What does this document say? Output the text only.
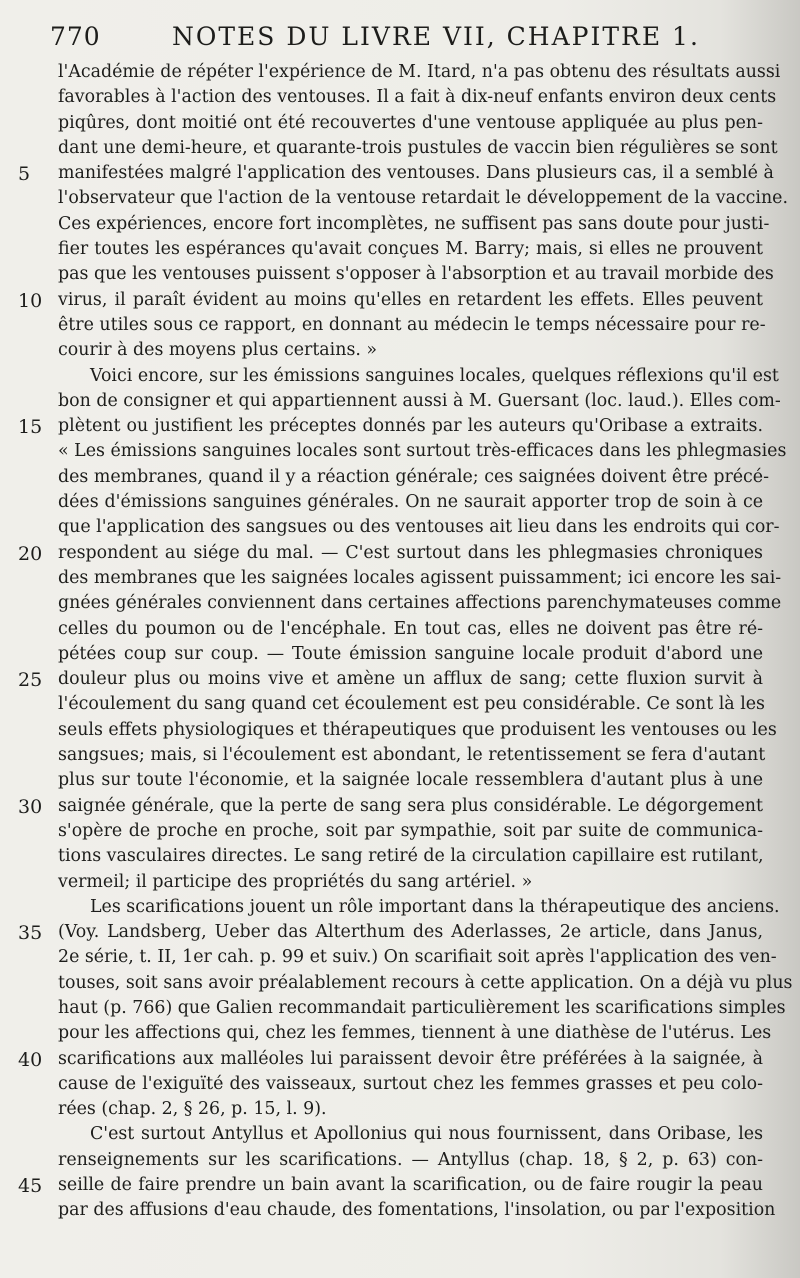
770	NOTES DU LIVRE VII, CHAPITRE 1.
l'Académie de répéter l'expérience de M. Itard, n'a pas obtenu des résultats aussi
favorables à l'action des ventouses. Il a fait à dix-neuf enfants environ deux cents
piqûres, dont moitié ont été recouvertes d'une ventouse appliquée au plus pen-
dant une demi-heure, et quarante-trois pustules de vaccin bien régulières se sont
5	manifestées malgré l'application des ventouses. Dans plusieurs cas, il a semblé à
l'observateur que l'action de la ventouse retardait le développement de la vaccine.
Ces expériences, encore fort incomplètes, ne suffisent pas sans doute pour justi-
fier toutes les espérances qu'avait conçues M. Barry; mais, si elles ne prouvent
pas que les ventouses puissent s'opposer à l'absorption et au travail morbide des
10 virus, il paraît évident au moins qu'elles en retardent les effets. Elles peuvent
être utiles sous ce rapport, en donnant au médecin le temps nécessaire pour re-
courir à des moyens plus certains. »
Voici encore, sur les émissions sanguines locales, quelques réflexions qu'il est
bon de consigner et qui appartiennent aussi à M. Guersant (loc. laud.). Elles com-
15 plètent ou justifient les préceptes donnés par les auteurs qu'Oribase a extraits.
« Les émissions sanguines locales sont surtout très-efficaces dans les phlegmasies
des membranes, quand il y a réaction générale; ces saignées doivent être précé-
dées d'émissions sanguines générales. On ne saurait apporter trop de soin à ce
que l'application des sangsues ou des ventouses ait lieu dans les endroits qui cor-
20 respondent au siége du mal. — C'est surtout dans les phlegmasies chroniques
des membranes que les saignées locales agissent puissamment; ici encore les sai-
gnées générales conviennent dans certaines affections parenchymateuses comme
celles du poumon ou de l'encéphale. En tout cas, elles ne doivent pas être ré-
pétées coup sur coup. — Toute émission sanguine locale produit d'abord une
25 douleur plus ou moins vive et amène un afflux de sang; cette fluxion survit à
l'écoulement du sang quand cet écoulement est peu considérable. Ce sont là les
seuls effets physiologiques et thérapeutiques que produisent les ventouses ou les
sangsues; mais, si l'écoulement est abondant, le retentissement se fera d'autant
plus sur toute l'économie, et la saignée locale ressemblera d'autant plus à une
30 saignée générale, que la perte de sang sera plus considérable. Le dégorgement
s'opère de proche en proche, soit par sympathie, soit par suite de communica-
tions vasculaires directes. Le sang retiré de la circulation capillaire est rutilant,
vermeil; il participe des propriétés du sang artériel. »
Les scarifications jouent un rôle important dans la thérapeutique des anciens.
35 (Voy. Landsberg, Ueber das Alterthum des Aderlasses, 2e article, dans Janus,
2e série, t. II, 1er cah. p. 99 et suiv.) On scarifiait soit après l'application des ven-
touses, soit sans avoir préalablement recours à cette application. On a déjà vu plus
haut (p. 766) que Galien recommandait particulièrement les scarifications simples
pour les affections qui, chez les femmes, tiennent à une diathèse de l'utérus. Les
40 scarifications aux malléoles lui paraissent devoir être préférées à la saignée, à
cause de l'exiguïté des vaisseaux, surtout chez les femmes grasses et peu colo-
rées (chap. 2, § 26, p. 15, l. 9).
C'est surtout Antyllus et Apollonius qui nous fournissent, dans Oribase, les
renseignements sur les scarifications. — Antyllus (chap. 18, § 2, p. 63) con-
45 seille de faire prendre un bain avant la scarification, ou de faire rougir la peau
par des affusions d'eau chaude, des fomentations, l'insolation, ou par l'exposition
